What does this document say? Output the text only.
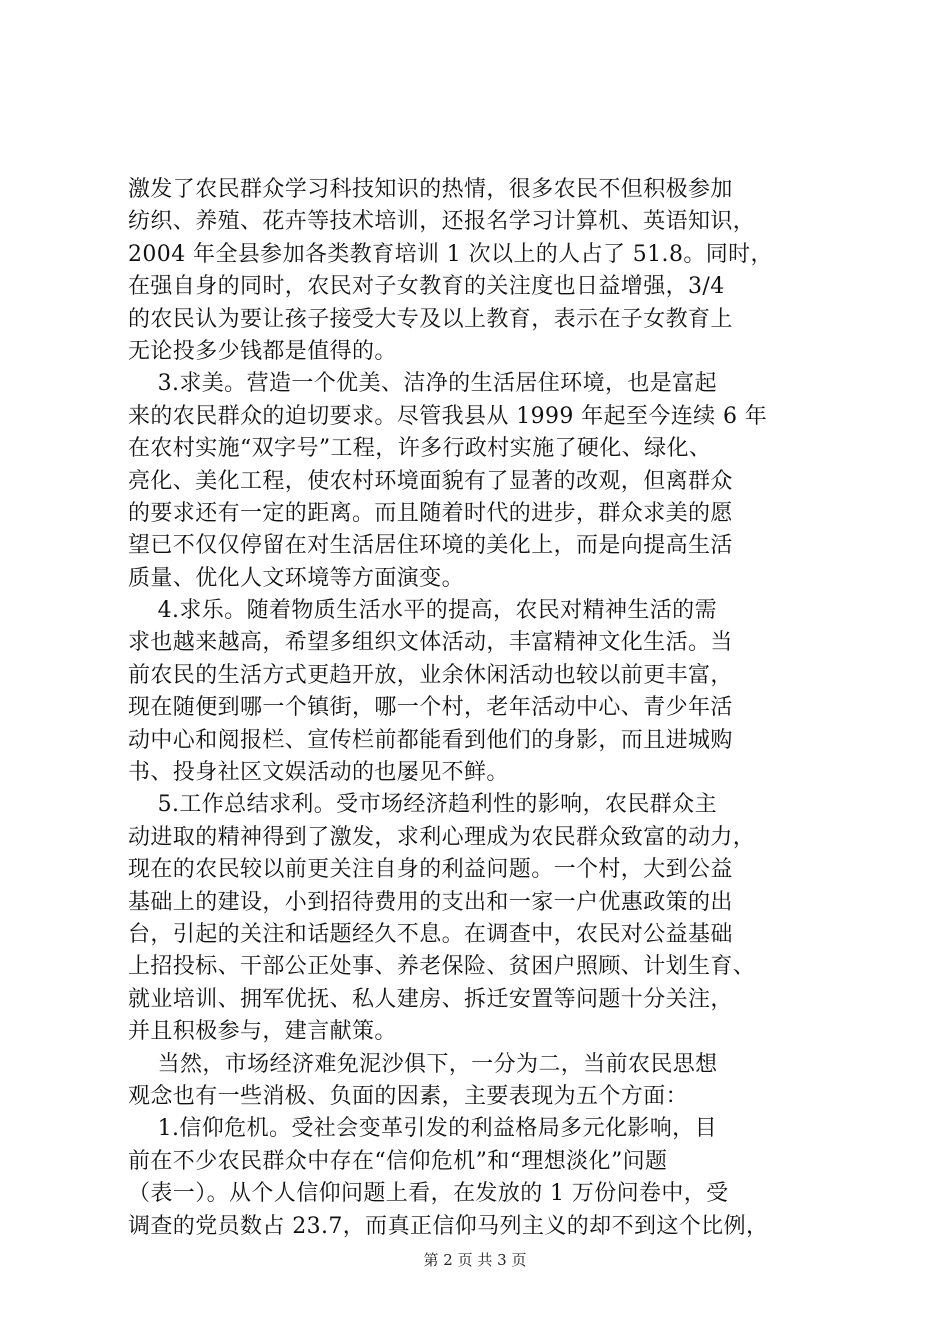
激发了农民群众学习科技知识的热情，很多农民不但积极参加
纺织、养殖、花卉等技术培训，还报名学习计算机、英语知识，
2004 年全县参加各类教育培训 1 次以上的人占了 51.8。同时，
在强自身的同时，农民对子女教育的关注度也日益增强，3/4
的农民认为要让孩子接受大专及以上教育，表示在子女教育上
无论投多少钱都是值得的。
3.求美。营造一个优美、洁净的生活居住环境，也是富起
来的农民群众的迫切要求。尽管我县从 1999 年起至今连续 6 年
在农村实施“双字号”工程，许多行政村实施了硬化、绿化、
亮化、美化工程，使农村环境面貌有了显著的改观，但离群众
的要求还有一定的距离。而且随着时代的进步，群众求美的愿
望已不仅仅停留在对生活居住环境的美化上，而是向提高生活
质量、优化人文环境等方面演变。
4.求乐。随着物质生活水平的提高，农民对精神生活的需
求也越来越高，希望多组织文体活动，丰富精神文化生活。当
前农民的生活方式更趋开放，业余休闲活动也较以前更丰富，
现在随便到哪一个镇街，哪一个村，老年活动中心、青少年活
动中心和阅报栏、宣传栏前都能看到他们的身影，而且进城购
书、投身社区文娱活动的也屡见不鲜。
5.工作总结求利。受市场经济趋利性的影响，农民群众主
动进取的精神得到了激发，求利心理成为农民群众致富的动力，
现在的农民较以前更关注自身的利益问题。一个村，大到公益
基础上的建设，小到招待费用的支出和一家一户优惠政策的出
台，引起的关注和话题经久不息。在调查中，农民对公益基础
上招投标、干部公正处事、养老保险、贫困户照顾、计划生育、
就业培训、拥军优抚、私人建房、拆迁安置等问题十分关注，
并且积极参与，建言献策。
当然，市场经济难免泥沙俱下，一分为二，当前农民思想
观念也有一些消极、负面的因素，主要表现为五个方面：
1.信仰危机。受社会变革引发的利益格局多元化影响，目
前在不少农民群众中存在“信仰危机”和“理想淡化”问题
（表一）。从个人信仰问题上看，在发放的 1 万份问卷中，受
调查的党员数占 23.7，而真正信仰马列主义的却不到这个比例，
第 2 页 共 3 页
